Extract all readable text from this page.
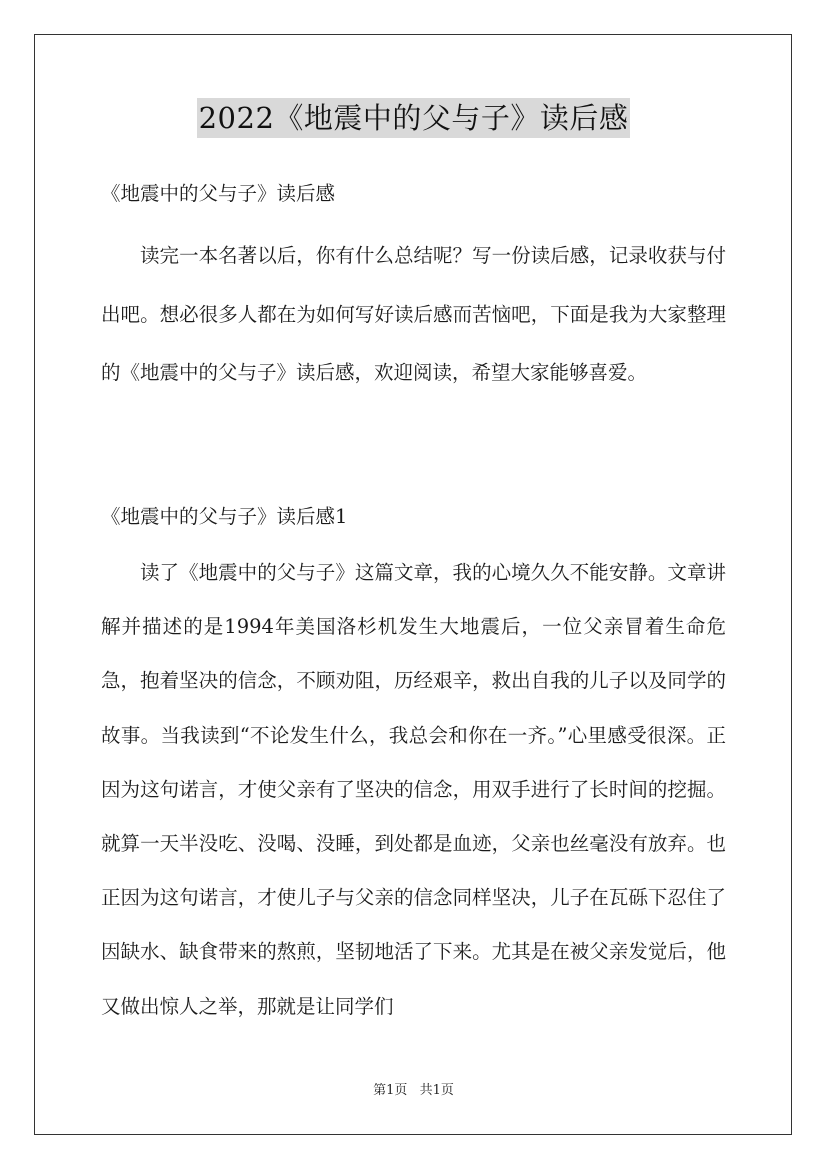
2022《地震中的父与子》读后感
《地震中的父与子》读后感
读完一本名著以后，你有什么总结呢？写一份读后感，记录收获与付出吧。想必很多人都在为如何写好读后感而苦恼吧，下面是我为大家整理的《地震中的父与子》读后感，欢迎阅读，希望大家能够喜爱。
《地震中的父与子》读后感1
读了《地震中的父与子》这篇文章，我的心境久久不能安静。文章讲解并描述的是1994年美国洛杉机发生大地震后，一位父亲冒着生命危急，抱着坚决的信念，不顾劝阻，历经艰辛，救出自我的儿子以及同学的故事。当我读到“不论发生什么，我总会和你在一齐。”心里感受很深。正因为这句诺言，才使父亲有了坚决的信念，用双手进行了长时间的挖掘。就算一天半没吃、没喝、没睡，到处都是血迹，父亲也丝毫没有放弃。也正因为这句诺言，才使儿子与父亲的信念同样坚决，儿子在瓦砾下忍住了因缺水、缺食带来的熬煎，坚韧地活了下来。尤其是在被父亲发觉后，他又做出惊人之举，那就是让同学们
第1页 共1页
